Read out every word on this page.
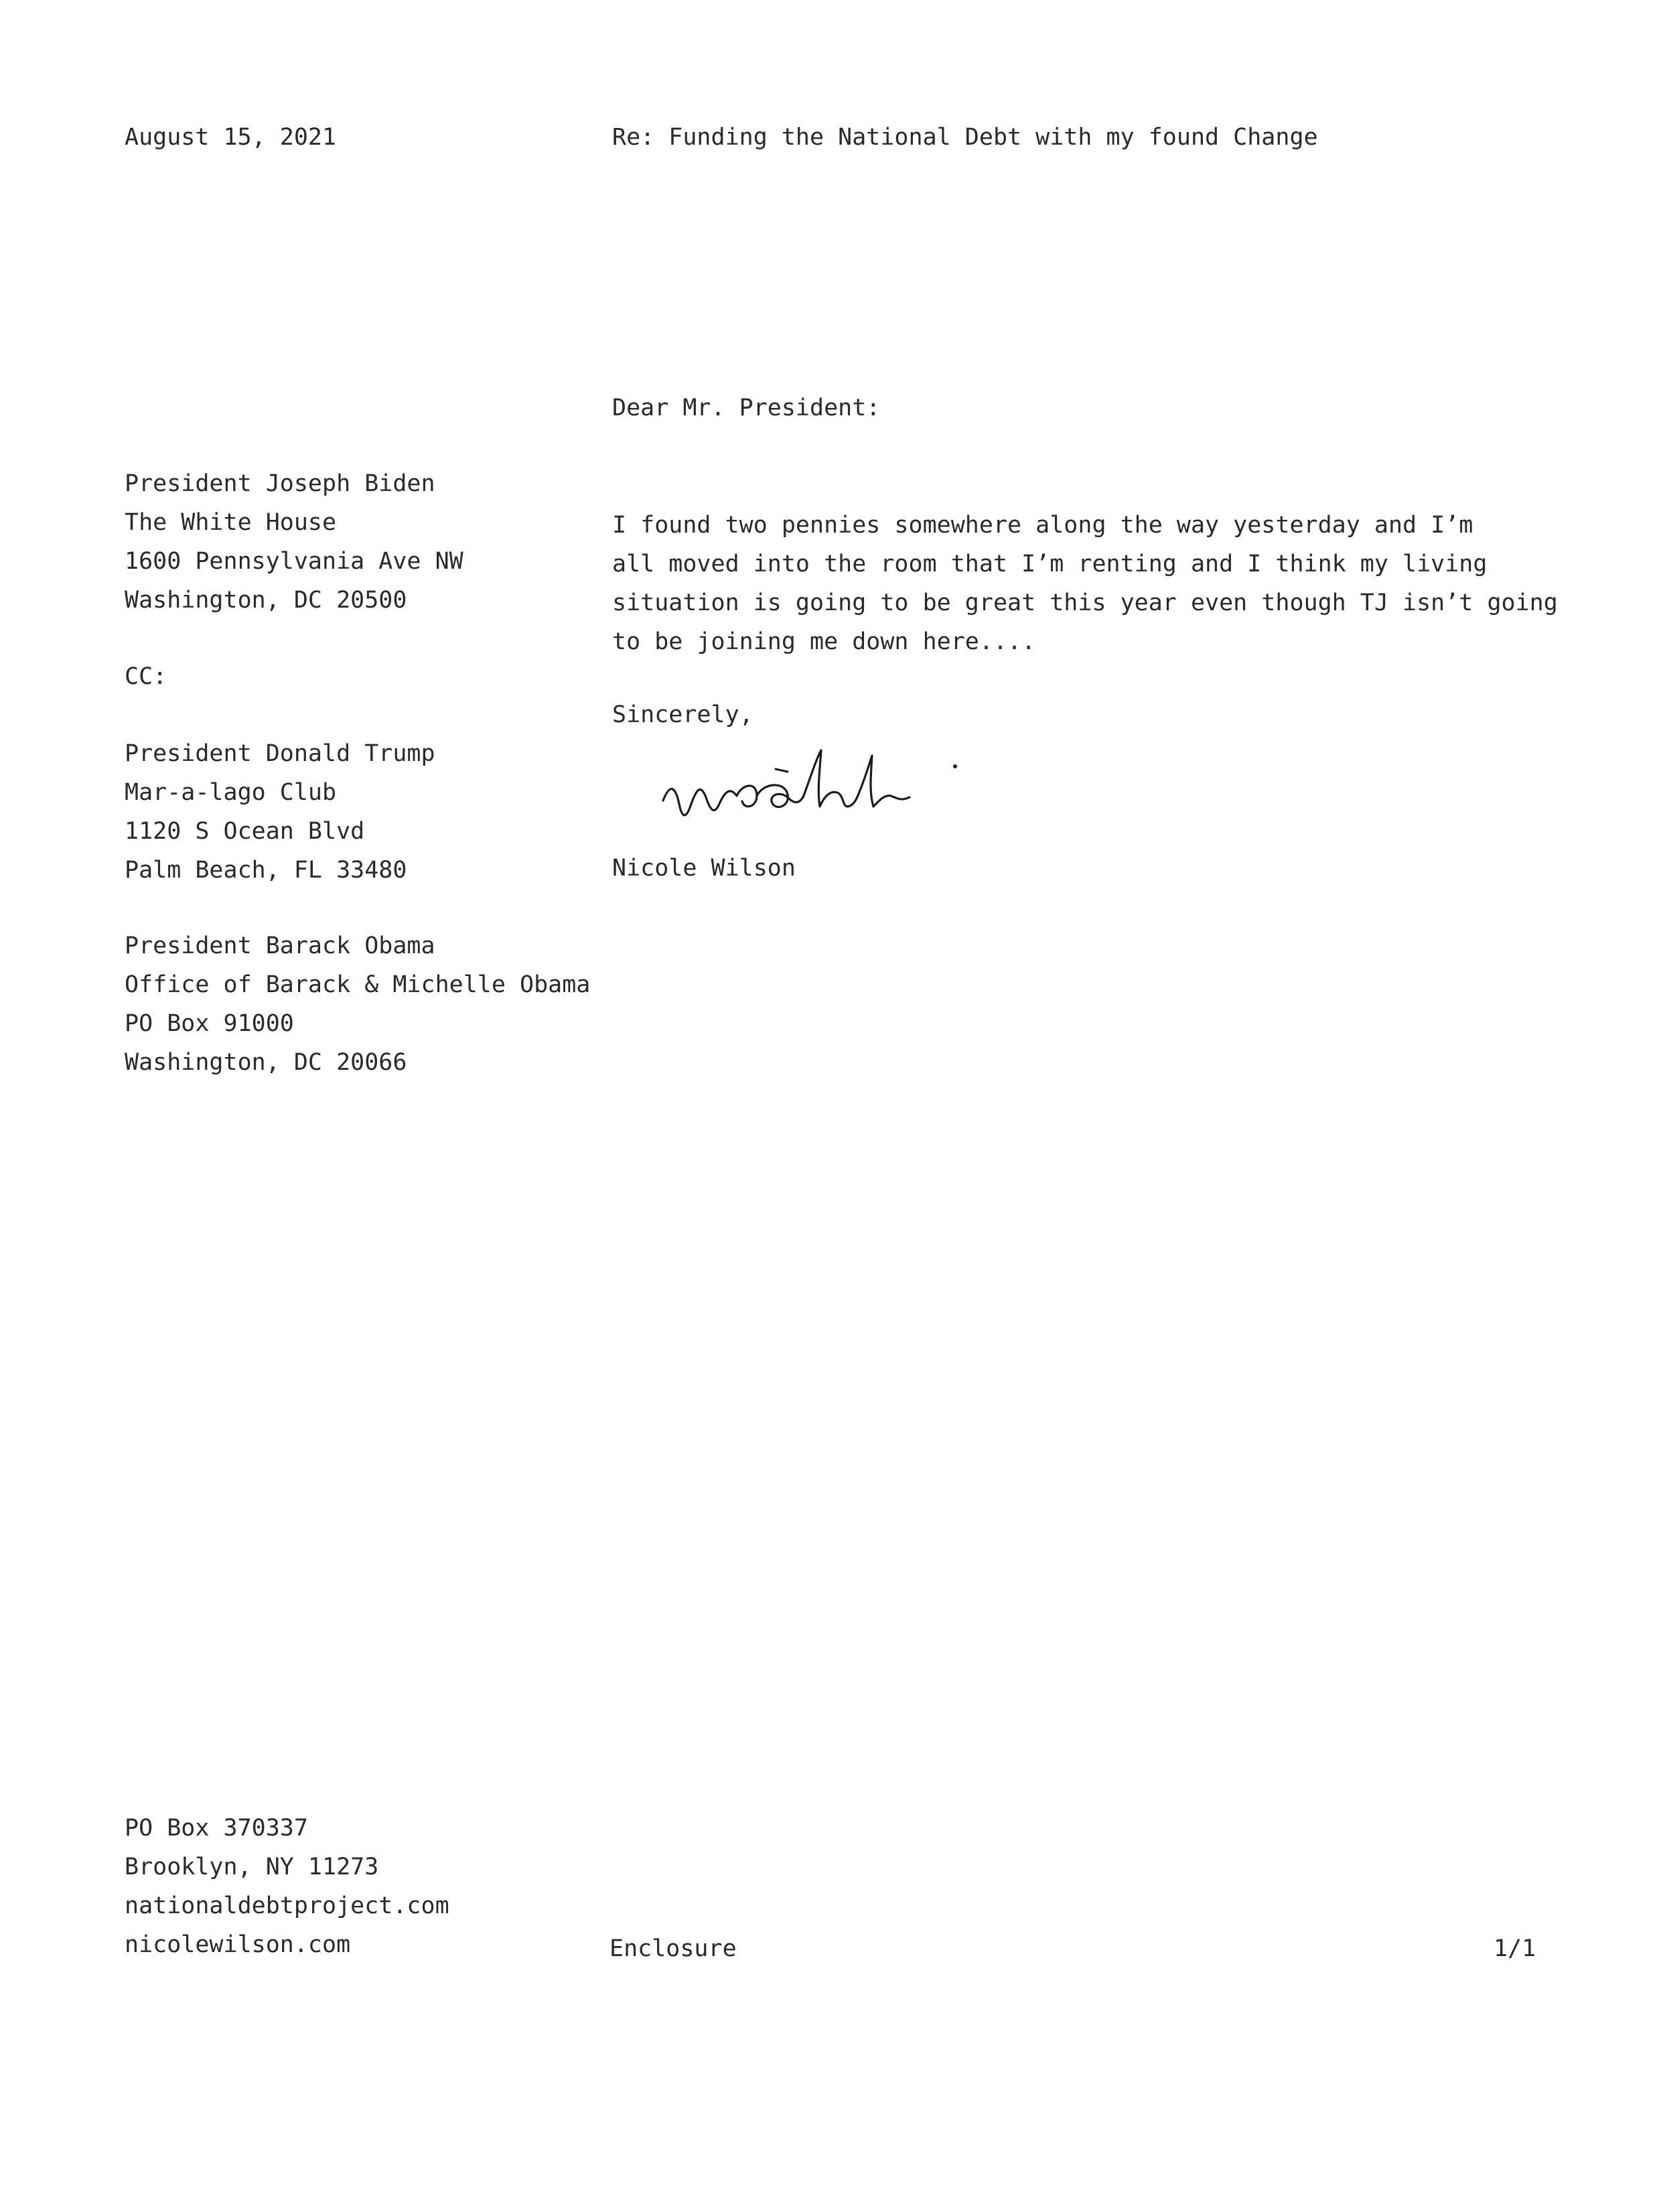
August 15, 2021	Re: Funding the National Debt with my found Change
Dear Mr. President:
President Joseph Biden
The White House
1600 Pennsylvania Ave NW
Washington, DC 20500
CC:
President Donald Trump
Mar-a-lago Club
1120 S Ocean Blvd
Palm Beach, FL 33480
President Barack Obama
Office of Barack & Michelle Obama
PO Box 91000
Washington, DC 20066
I found two pennies somewhere along the way yesterday and I’m
all moved into the room that I’m renting and I think my living
situation is going to be great this year even though TJ isn’t going
to be joining me down here....
Sincerely,
Nicole Wilson
PO Box 370337
Brooklyn, NY 11273
nationaldebtproject.com
nicolewilson.com	Enclosure	1/1
